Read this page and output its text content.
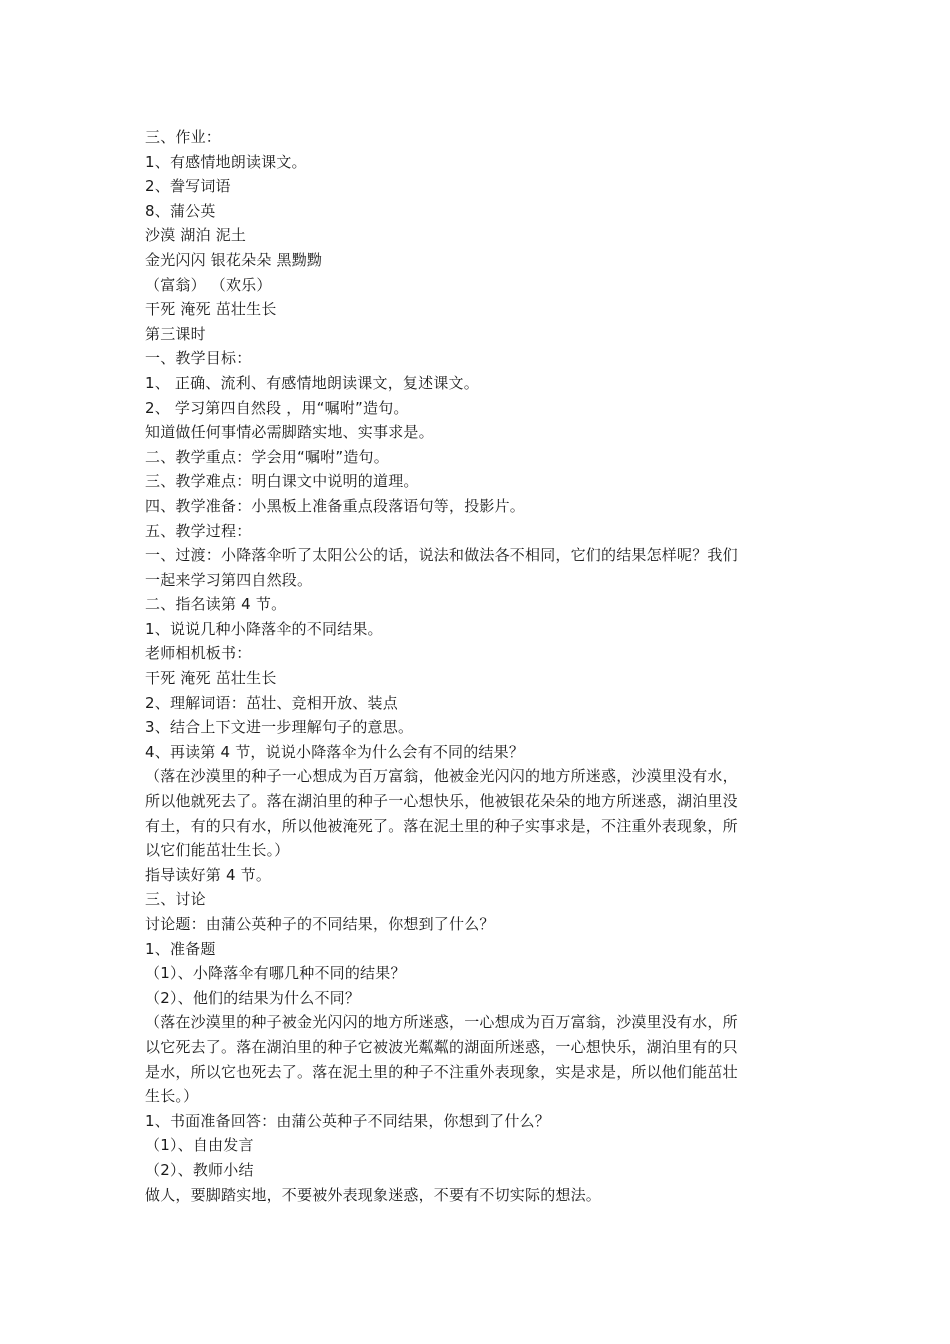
三、作业：
1、有感情地朗读课文。
2、誊写词语
8、蒲公英
沙漠 湖泊 泥土
金光闪闪 银花朵朵 黑黝黝
（富翁） （欢乐）
干死 淹死 茁壮生长
第三课时
一、教学目标：
1、 正确、流利、有感情地朗读课文，复述课文。
2、 学习第四自然段 ，用“嘱咐”造句。
知道做任何事情必需脚踏实地、实事求是。
二、教学重点：学会用“嘱咐”造句。
三、教学难点：明白课文中说明的道理。
四、教学准备：小黑板上准备重点段落语句等，投影片。
五、教学过程：
一、过渡：小降落伞听了太阳公公的话，说法和做法各不相同，它们的结果怎样呢？我们
一起来学习第四自然段。
二、指名读第 4 节。
1、说说几种小降落伞的不同结果。
老师相机板书：
干死 淹死 茁壮生长
2、理解词语：茁壮、竞相开放、装点
3、结合上下文进一步理解句子的意思。
4、再读第 4 节，说说小降落伞为什么会有不同的结果？
（落在沙漠里的种子一心想成为百万富翁，他被金光闪闪的地方所迷惑，沙漠里没有水，
所以他就死去了。落在湖泊里的种子一心想快乐，他被银花朵朵的地方所迷惑，湖泊里没
有土，有的只有水，所以他被淹死了。落在泥土里的种子实事求是，不注重外表现象，所
以它们能茁壮生长。）
指导读好第 4 节。
三、讨论
讨论题：由蒲公英种子的不同结果，你想到了什么？
1、准备题
（1）、小降落伞有哪几种不同的结果？
（2）、他们的结果为什么不同？
（落在沙漠里的种子被金光闪闪的地方所迷惑，一心想成为百万富翁，沙漠里没有水，所
以它死去了。落在湖泊里的种子它被波光粼粼的湖面所迷惑，一心想快乐，湖泊里有的只
是水，所以它也死去了。落在泥土里的种子不注重外表现象，实是求是，所以他们能茁壮
生长。）
1、书面准备回答：由蒲公英种子不同结果，你想到了什么？
（1）、自由发言
（2）、教师小结
做人，要脚踏实地，不要被外表现象迷惑，不要有不切实际的想法。
